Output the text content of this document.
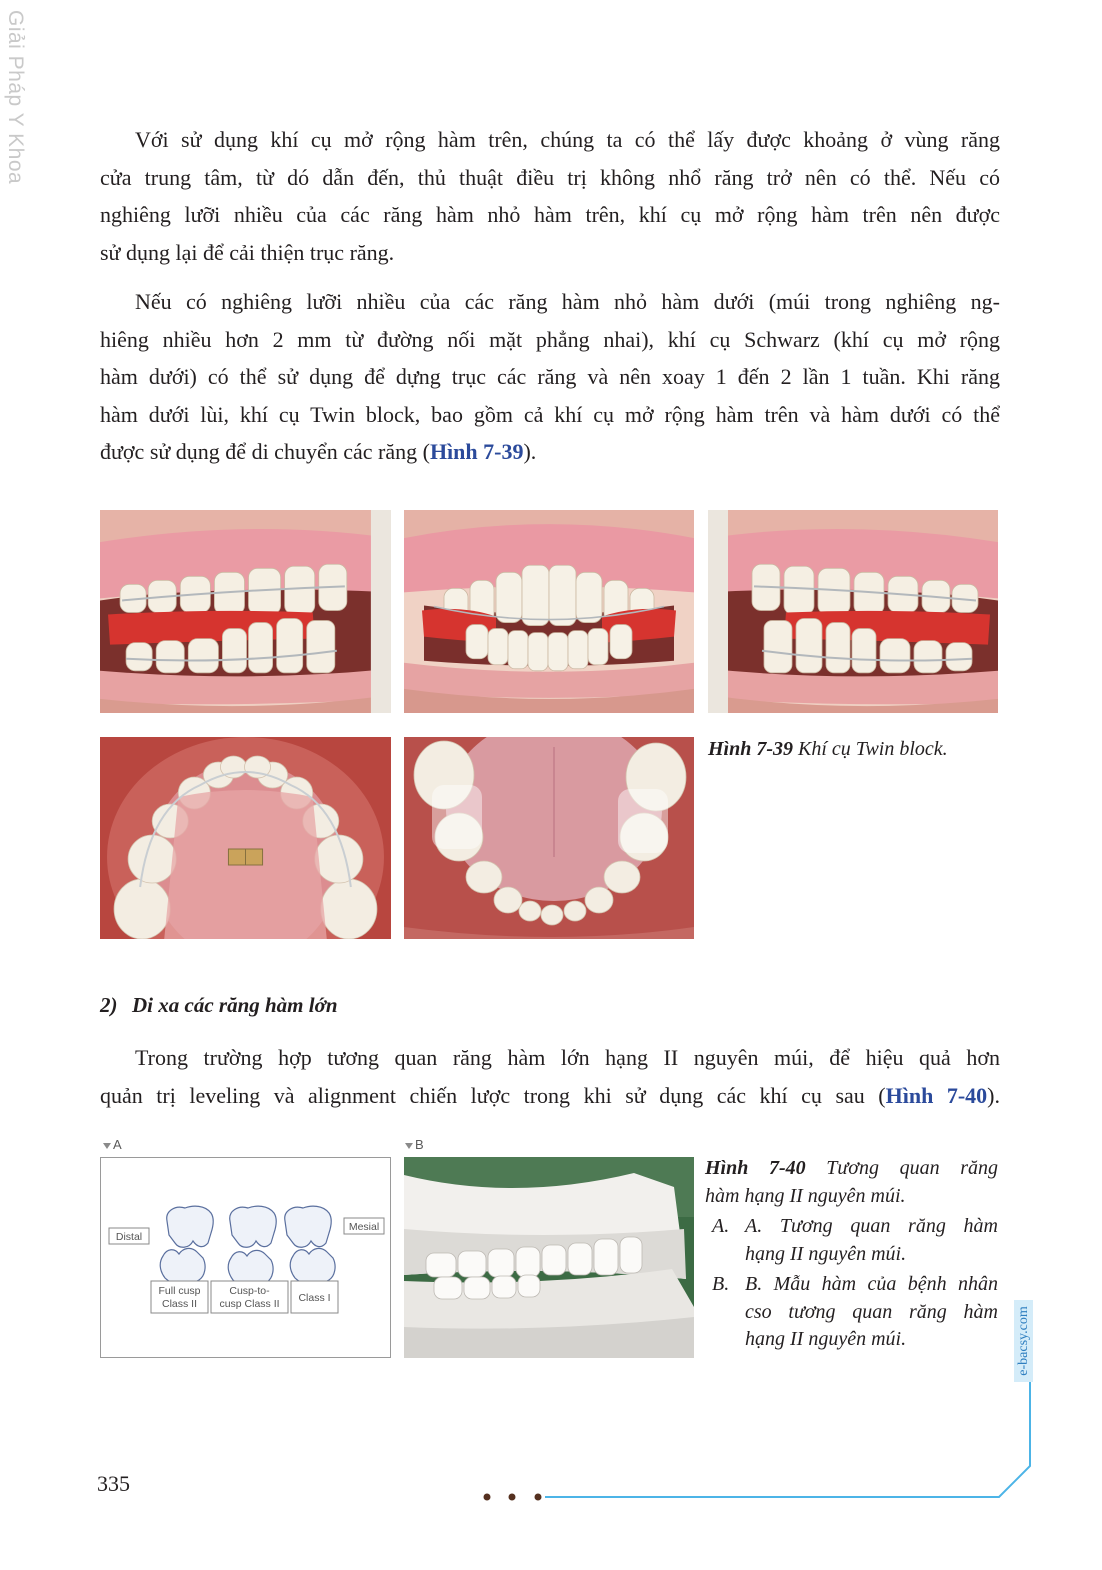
Giải Pháp Y Khoa	Với sử dụng khí cụ mở rộng hàm trên, chúng ta có thể lấy được khoảng ở vùng răng
cửa trung tâm, từ dó dẫn đến, thủ thuật điều trị không nhổ răng trở nên có thể. Nếu có
nghiêng lưỡi nhiều của các răng hàm nhỏ hàm trên, khí cụ mở rộng hàm trên nên được
sử dụng lại để cải thiện trục răng.
Nếu có nghiêng lưỡi nhiều của các răng hàm nhỏ hàm dưới (múi trong nghiêng ng-
hiêng nhiều hơn 2 mm từ đường nối mặt phẳng nhai), khí cụ Schwarz (khí cụ mở rộng
hàm dưới) có thể sử dụng để dựng trục các răng và nên xoay 1 đến 2 lần 1 tuần. Khi răng
hàm dưới lùi, khí cụ Twin block, bao gồm cả khí cụ mở rộng hàm trên và hàm dưới có thể
được sử dụng để di chuyển các răng (Hình 7-39).
Hình 7-39 Khí cụ Twin block.
2) Di xa các răng hàm lớn
Trong trường hợp tương quan răng hàm lớn hạng II nguyên múi, để hiệu quả hơn
quản trị leveling và alignment chiến lược trong khi sử dụng các khí cụ sau (Hình 7-40).
A	B
Distal
Mesial
Full cusp
Class II
Cusp-to-
cusp Class II Class I
Hình 7-40 Tương quan răng
hàm hạng II nguyên múi.
A. A. Tương quan răng hàm
hạng II nguyên múi.
B. B. Mẫu hàm của bệnh nhân
cso tương quan răng hàm
hạng II nguyên múi.	e-bacsy.com
335
